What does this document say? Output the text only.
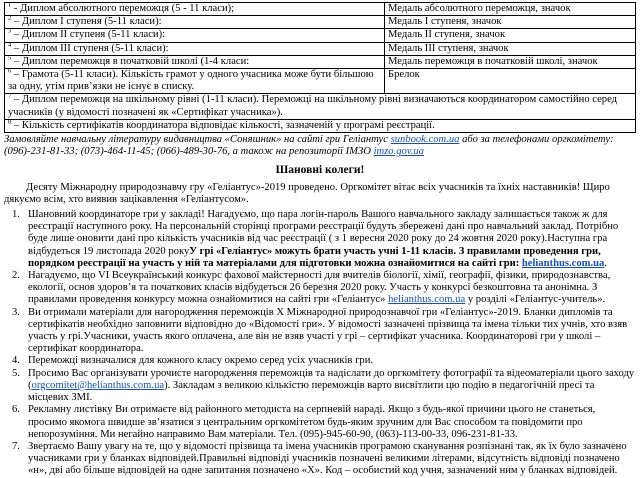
$^1$ - Диплом абсолютного переможця (5 - 11 класи);	Медаль абсолютного переможця, значок
$^2$ – Диплом І ступеня (5-11 класи):	Медаль І ступеня, значок
$^3$ – Диплом ІІ ступеня (5-11 класи):	Медаль ІІ ступеня, значок
$^4$ – Диплом ІІІ ступеня (5-11 класи):	Медаль ІІІ ступеня, значок
$^5$ – Диплом переможця в початковій школі (1-4 класи:	Медаль переможця в початковій школі, значок
$^6$ – Грамота (5-11 класи). Кількість грамот у одного учасника може бути більшою за одну, утім прив’язки не існує в списку.	Брелок
$^7$ – Диплом переможця на шкільному рівні (1-11 класи). Переможці на шкільному рівні визначаються координатором самостійно серед учасників (у відомості позначені як «Сертифікат учасника»).	
$^8$ – Кількість сертифікатів координатора відповідає кількості, зазначеній у програмі реєстрації.	
Замовляйте навчальну літературу видавництва «Соняшник» на сайті гри Геліантус sunbook.com.ua або за телефонами оргкомітету: (096)-231-81-33; (073)-464-11-45; (066)-489-30-76, а також на репозиторії ІМЗО imzo.gov.ua
Шановні колеги!

Десяту Міжнародну природознавчу гру «Геліантус»-2019 проведено. Оргкомітет вітає всіх учасників та їхніх наставників! Щиро дякуємо всім, хто виявив зацікавлення «Геліантусом».

1. Шановний координаторе гри у закладі! Нагадуємо, що пара логін-пароль Вашого навчального закладу залишається також ж для реєстрації наступного року. На персональній сторінці програми реєстрації будуть збережені дані про навчальний заклад. Потрібно буде лише оновити дані про кількість учасників від час реєстрації ( з 1 вересня 2020 року до 24 жовтня 2020 року).Наступна гра відбудеться 19 листопада 2020 рокуУ грі «Геліантус» можуть брати участь учні 1-11 класів. З правилами проведення гри, порядком реєстрації на участь у ній та матеріалами для підготовки можна ознайомитися на сайті гри: helianthus.com.ua.
2. Нагадуємо, що VI Всеукраїнський конкурс фахової майстерності для вчителів біології, хімії, географії, фізики, природознавства, екології, основ здоров’я та початкових класів відбудеться 26 березня 2020 року. Участь у конкурсі безкоштовна та анонімна. З правилами проведення конкурсу можна ознайомитися на сайті гри «Геліантус» helianthus.com.ua у розділі «Геліантус-учитель».
3. Ви отримали матеріали для нагородження переможців X Міжнародної природознавчої гри «Геліантус»-2019. Бланки дипломів та сертифікатів необхідно заповнити відповідно до «Відомості гри». У відомості зазначені прізвища та імена тільки тих учнів, хто взяв участь у грі.Учасники, участь якого оплачена, але він не взяв участі у грі – сертифікат учасника. Координаторові гри у школі – сертифікат координатора.
4. Переможці визначалися для кожного класу окремо серед усіх учасників гри.
5. Просимо Вас організувати урочисте нагородження переможців та надіслати до оргкомітету фотографії та відеоматеріали цього заходу (orgcomitet@helianthus.com.ua). Закладам з великою кількістю переможців варто висвітлити цю подію в педагогічній пресі та місцевих ЗМІ.
6. Рекламну листівку Ви отримаєте від районного методиста на серпневій нараді. Якщо з будь-якої причини цього не станеться, просимо якомога швидше зв’язатися з центральним оргкомітетом будь-яким зручним для Вас способом та повідомити про непорозуміння. Ми негайно направимо Вам матеріали. Тел. (095)-945-60-90, (063)-113-00-33, 096-231-81-33.
7. Звертаємо Вашу увагу на те, що у відомості прізвища та імена учасників програмою сканування розпізнані так, як їх було зазначено учасниками гри у бланках відповідей.Правильні відповіді учасників позначені великими літерами, відсутність відповіді позначено «н», дві або більше відповідей на одне запитання позначено «Х». Код – особистий код учня, зазначений ним у бланках відповідей.
